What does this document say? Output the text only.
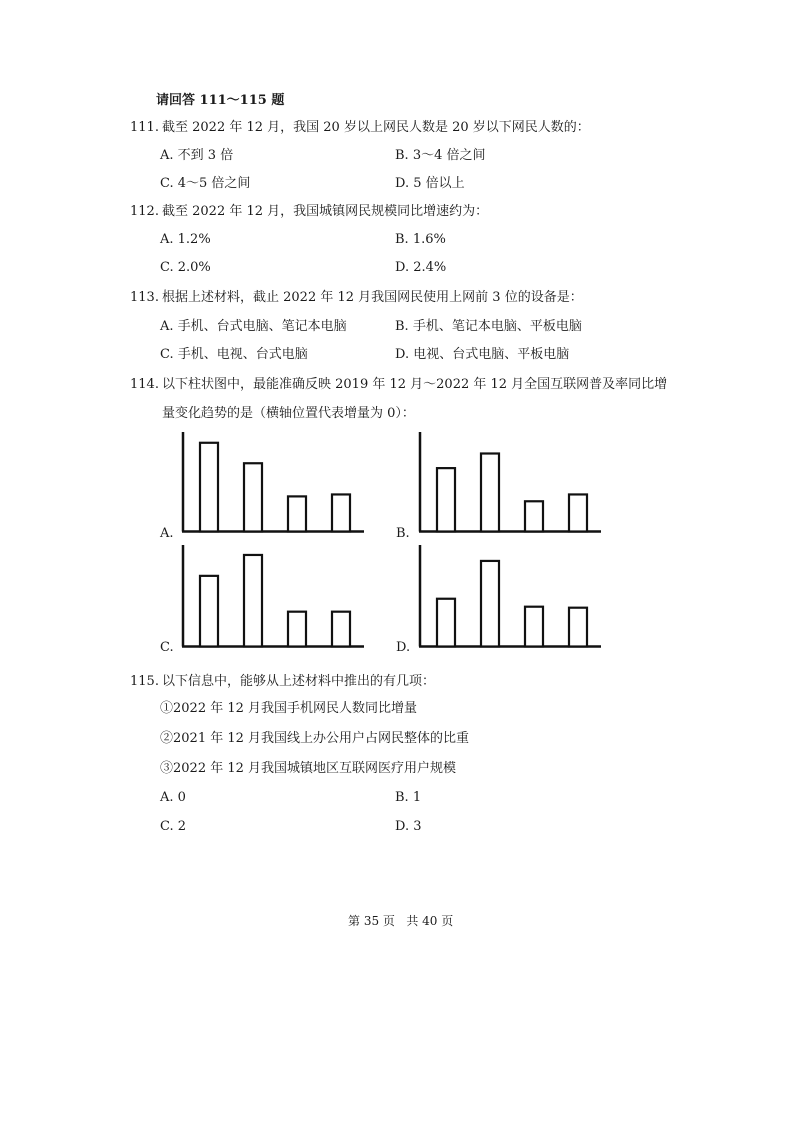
请回答 111～115 题
111. 截至 2022 年 12 月，我国 20 岁以上网民人数是 20 岁以下网民人数的：
A. 不到 3 倍	B. 3～4 倍之间
C. 4～5 倍之间	D. 5 倍以上
112. 截至 2022 年 12 月，我国城镇网民规模同比增速约为：
A. 1.2%	B. 1.6%
C. 2.0%	D. 2.4%
113. 根据上述材料，截止 2022 年 12 月我国网民使用上网前 3 位的设备是：
A. 手机、台式电脑、笔记本电脑	B. 手机、笔记本电脑、平板电脑
C. 手机、电视、台式电脑	D. 电视、台式电脑、平板电脑
114. 以下柱状图中，最能准确反映 2019 年 12 月～2022 年 12 月全国互联网普及率同比增
量变化趋势的是（横轴位置代表增量为 0）：
A.	B.
C.	D.
115. 以下信息中，能够从上述材料中推出的有几项：
①2022 年 12 月我国手机网民人数同比增量
②2021 年 12 月我国线上办公用户占网民整体的比重
③2022 年 12 月我国城镇地区互联网医疗用户规模
A. 0	B. 1
C. 2	D. 3
第 35 页   共 40 页
